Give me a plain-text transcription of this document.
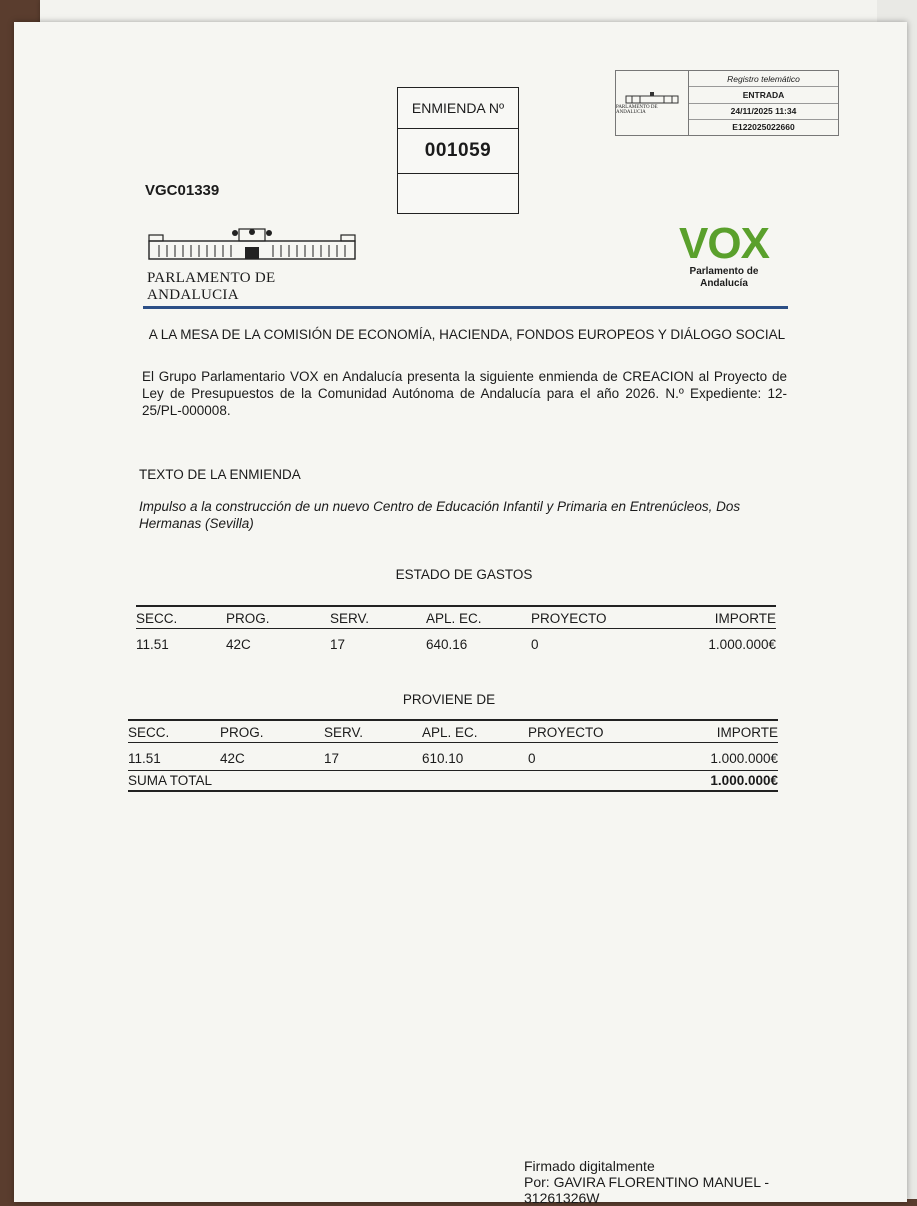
ENMIENDA Nº
001059
PARLAMENTO DE ANDALUCIA
Registro telemático
ENTRADA
24/11/2025 11:34
E122025022660
VGC01339
PARLAMENTO DE ANDALUCIA
VOX
Parlamento de
Andalucía
A LA MESA DE LA COMISIÓN DE ECONOMÍA, HACIENDA, FONDOS EUROPEOS Y DIÁLOGO SOCIAL
El Grupo Parlamentario VOX en Andalucía presenta la siguiente enmienda de CREACION al Proyecto de Ley de Presupuestos de la Comunidad Autónoma de Andalucía para el año 2026. N.º Expediente: 12-25/PL-000008.
TEXTO DE LA ENMIENDA
Impulso a la construcción de un nuevo Centro de Educación Infantil y Primaria en Entrenúcleos, Dos Hermanas (Sevilla)
ESTADO DE GASTOS
SECC.	PROG.	SERV.	APL. EC.	PROYECTO	IMPORTE
11.51	42C	17	640.16	0	1.000.000€
PROVIENE DE
SECC.	PROG.	SERV.	APL. EC.	PROYECTO	IMPORTE
11.51	42C	17	610.10	0	1.000.000€
SUMA TOTAL					1.000.000€
Firmado digitalmente
Por: GAVIRA FLORENTINO MANUEL -
31261326W
